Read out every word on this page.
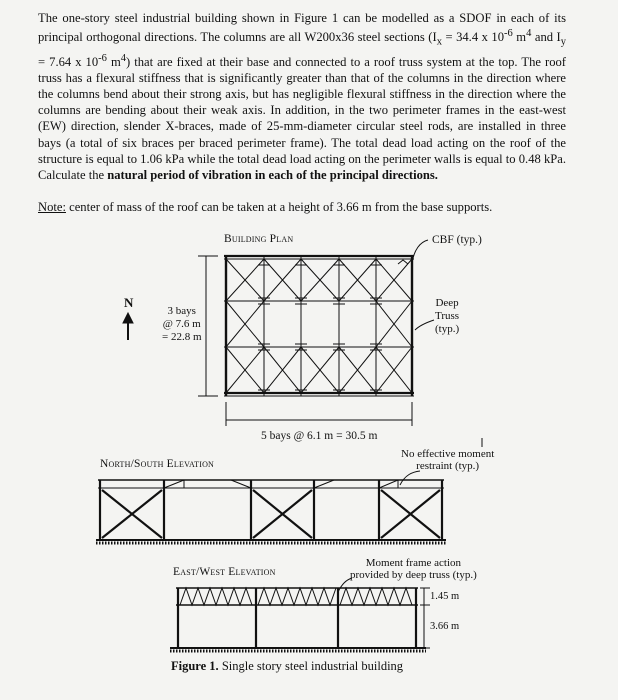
The one-story steel industrial building shown in Figure 1 can be modelled as a SDOF in each of its principal orthogonal directions. The columns are all W200x36 steel sections ($I_x = 34.4$ x $10^{-6}$ $m^4$ and $I_y = 7.64$ x $10^{-6}$ $m^4$) that are fixed at their base and connected to a roof truss system at the top. The roof truss has a flexural stiffness that is significantly greater than that of the columns in the direction where the columns bend about their strong axis, but has negligible flexural stiffness in the direction where the columns are bending about their weak axis. In addition, in the two perimeter frames in the east-west (EW) direction, slender X-braces, made of 25-mm-diameter circular steel rods, are installed in three bays (a total of six braces per braced perimeter frame). The total dead load acting on the roof of the structure is equal to 1.06 kPa while the total dead load acting on the perimeter walls is equal to 0.48 kPa. Calculate the natural period of vibration in each of the principal directions.

Note: center of mass of the roof can be taken at a height of 3.66 m from the base supports.
Building Plan
N
3 bays
@ 7.6 m
= 22.8 m
CBF (typ.)
Deep
Truss
(typ.)
5 bays @ 6.1 m = 30.5 m
North/South Elevation
No effective moment
restraint (typ.)
East/West Elevation
Moment frame action
provided by deep truss (typ.)
1.45 m
3.66 m
Figure 1. Single story steel industrial building
